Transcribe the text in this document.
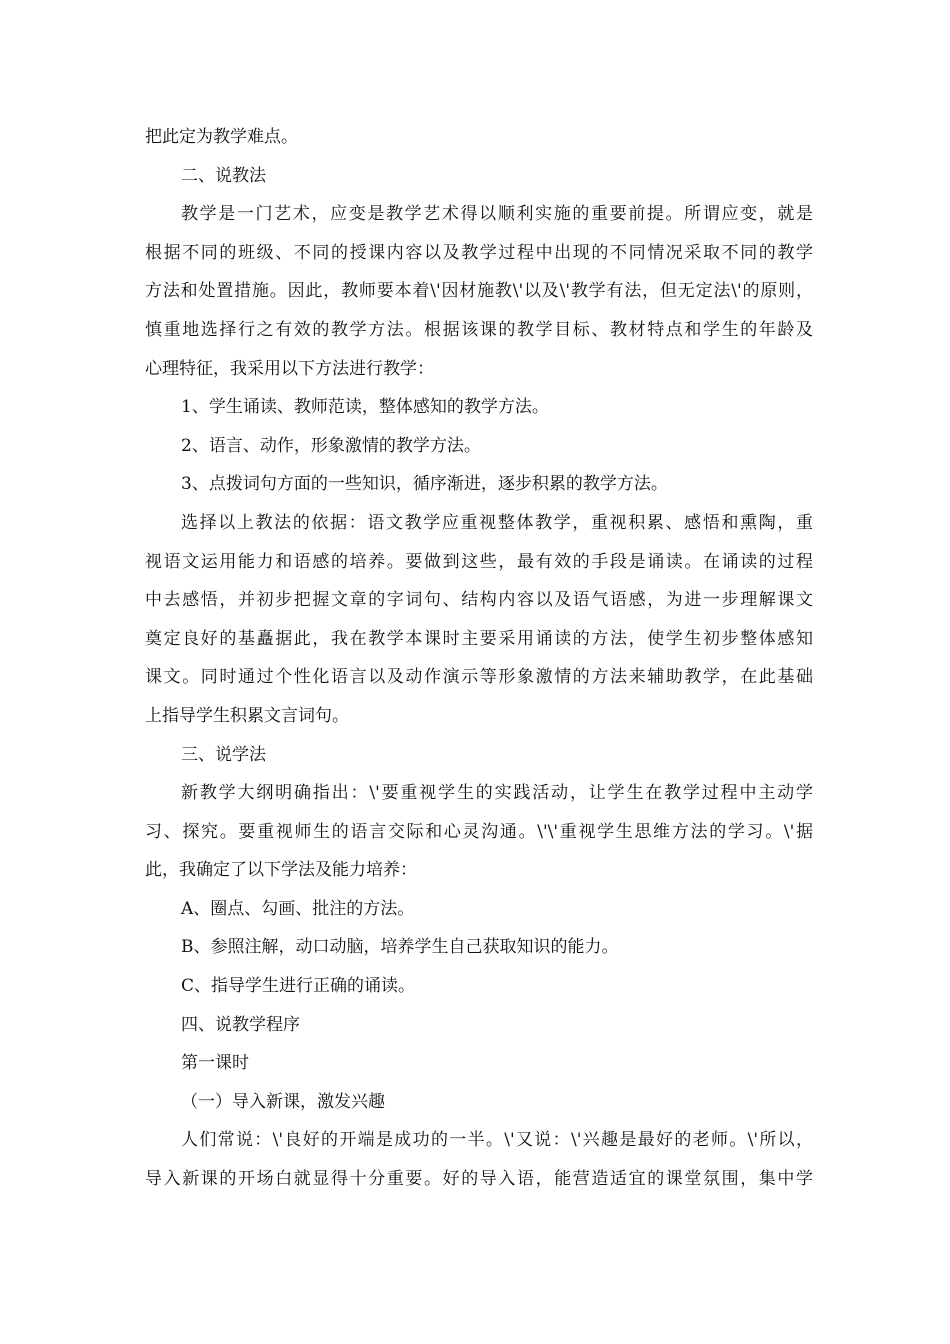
把此定为教学难点。
二、说教法
教学是一门艺术，应变是教学艺术得以顺利实施的重要前提。所谓应变，就是
根据不同的班级、不同的授课内容以及教学过程中出现的不同情况采取不同的教学
方法和处置措施。因此，教师要本着\'因材施教\'以及\'教学有法，但无定法\'的原则，
慎重地选择行之有效的教学方法。根据该课的教学目标、教材特点和学生的年龄及
心理特征，我采用以下方法进行教学：
1、学生诵读、教师范读，整体感知的教学方法。
2、语言、动作，形象激情的教学方法。
3、点拨词句方面的一些知识，循序渐进，逐步积累的教学方法。
选择以上教法的依据：语文教学应重视整体教学，重视积累、感悟和熏陶，重
视语文运用能力和语感的培养。要做到这些，最有效的手段是诵读。在诵读的过程
中去感悟，并初步把握文章的字词句、结构内容以及语气语感，为进一步理解课文
奠定良好的基矗据此，我在教学本课时主要采用诵读的方法，使学生初步整体感知
课文。同时通过个性化语言以及动作演示等形象激情的方法来辅助教学，在此基础
上指导学生积累文言词句。
三、说学法
新教学大纲明确指出：\'要重视学生的实践活动，让学生在教学过程中主动学
习、探究。要重视师生的语言交际和心灵沟通。\'\'重视学生思维方法的学习。\'据
此，我确定了以下学法及能力培养：
A、圈点、勾画、批注的方法。
B、参照注解，动口动脑，培养学生自己获取知识的能力。
C、指导学生进行正确的诵读。
四、说教学程序
第一课时
（一）导入新课，激发兴趣
人们常说：\'良好的开端是成功的一半。\'又说：\'兴趣是最好的老师。\'所以，
导入新课的开场白就显得十分重要。好的导入语，能营造适宜的课堂氛围，集中学
